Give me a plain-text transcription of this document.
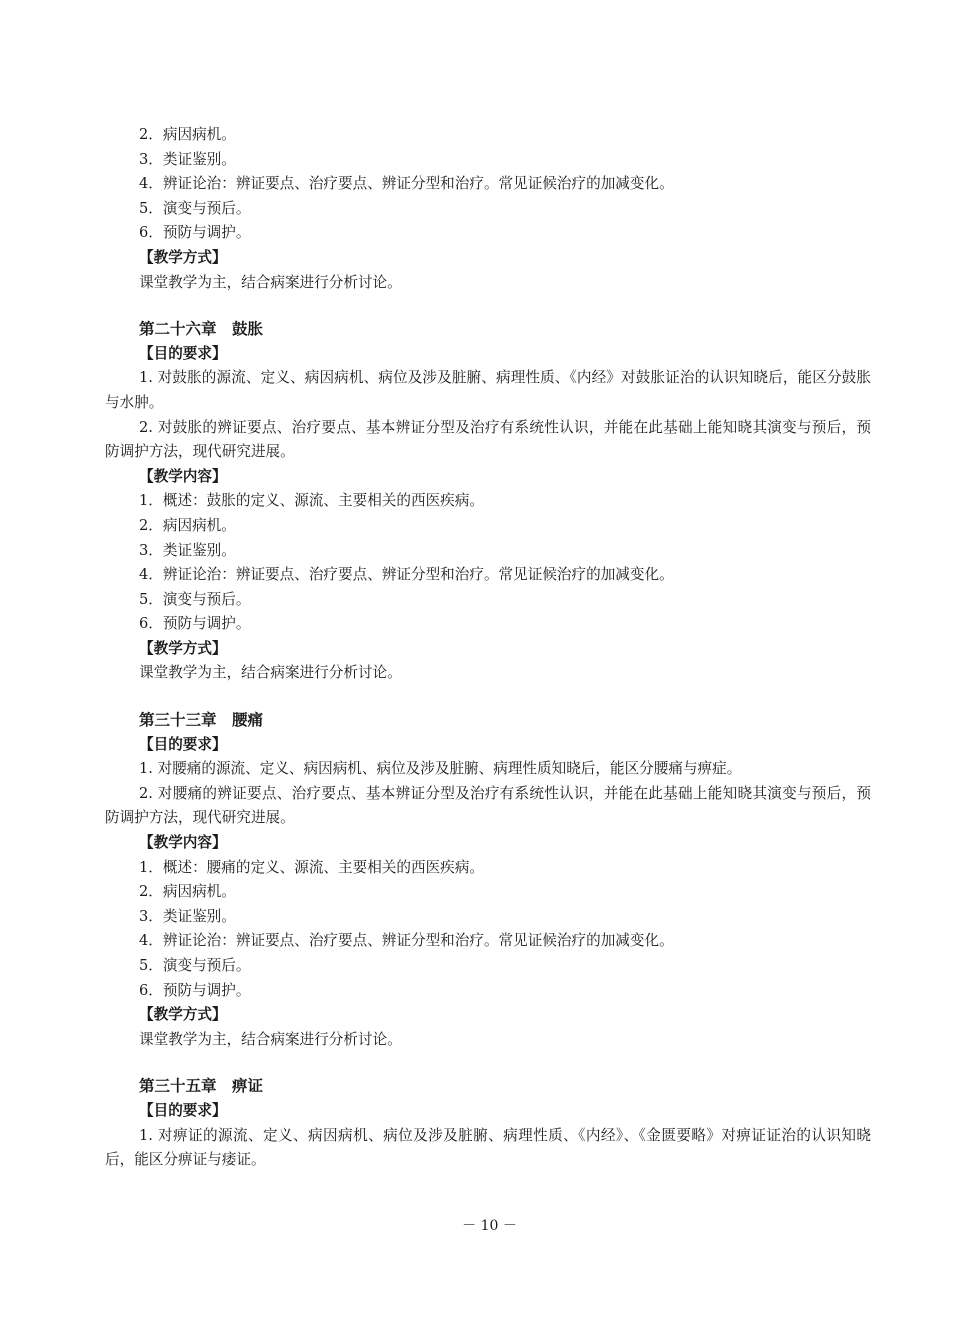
2．病因病机。
3．类证鉴别。
4．辨证论治：辨证要点、治疗要点、辨证分型和治疗。常见证候治疗的加减变化。
5．演变与预后。
6．预防与调护。
【教学方式】
课堂教学为主，结合病案进行分析讨论。
第二十六章　鼓胀
【目的要求】
1. 对鼓胀的源流、定义、病因病机、病位及涉及脏腑、病理性质、《内经》对鼓胀证治的认识知晓后，能区分鼓胀与水肿。
2. 对鼓胀的辨证要点、治疗要点、基本辨证分型及治疗有系统性认识，并能在此基础上能知晓其演变与预后，预防调护方法，现代研究进展。
【教学内容】
1．概述：鼓胀的定义、源流、主要相关的西医疾病。
2．病因病机。
3．类证鉴别。
4．辨证论治：辨证要点、治疗要点、辨证分型和治疗。常见证候治疗的加减变化。
5．演变与预后。
6．预防与调护。
【教学方式】
课堂教学为主，结合病案进行分析讨论。
第三十三章　腰痛
【目的要求】
1. 对腰痛的源流、定义、病因病机、病位及涉及脏腑、病理性质知晓后，能区分腰痛与痹症。
2. 对腰痛的辨证要点、治疗要点、基本辨证分型及治疗有系统性认识，并能在此基础上能知晓其演变与预后，预防调护方法，现代研究进展。
【教学内容】
1．概述：腰痛的定义、源流、主要相关的西医疾病。
2．病因病机。
3．类证鉴别。
4．辨证论治：辨证要点、治疗要点、辨证分型和治疗。常见证候治疗的加减变化。
5．演变与预后。
6．预防与调护。
【教学方式】
课堂教学为主，结合病案进行分析讨论。
第三十五章　痹证
【目的要求】
1. 对痹证的源流、定义、病因病机、病位及涉及脏腑、病理性质、《内经》、《金匮要略》对痹证证治的认识知晓后，能区分痹证与痿证。
－ 10 －
